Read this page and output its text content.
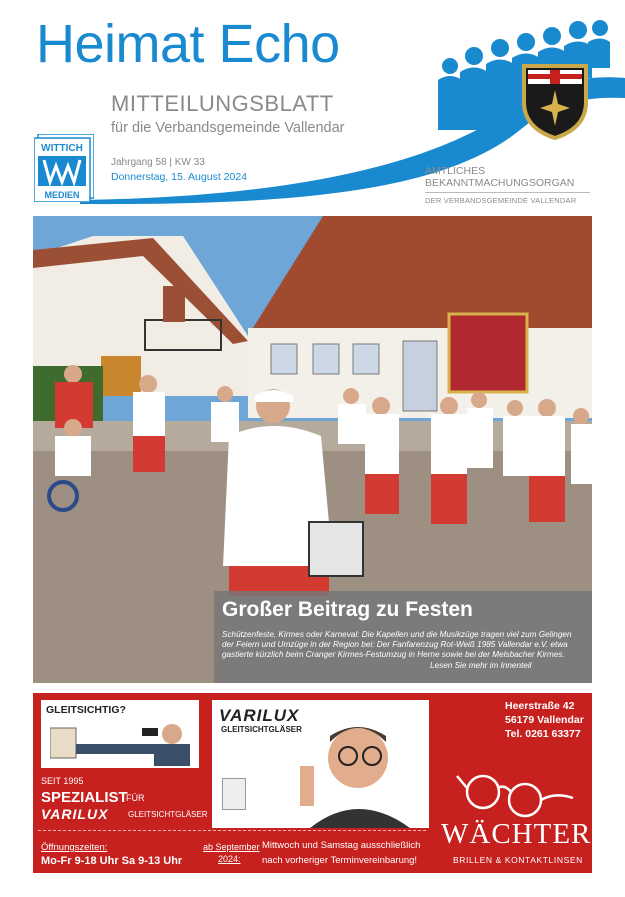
Heimat Echo
MITTEILUNGSBLATT
für die Verbandsgemeinde Vallendar
Jahrgang 58 | KW 33
Donnerstag, 15. August 2024
WITTICH
MEDIEN
AMTLICHES
BEKANNTMACHUNGSORGAN
DER VERBANDSGEMEINDE VALLENDAR
Großer Beitrag zu Festen
Schützenfeste, Kirmes oder Karneval: Die Kapellen und die Musikzüge tragen viel zum Gelingen der Feiern und Umzüge in der Region bei: Der Fanfarenzug Rot-Weiß 1985 Vallendar e.V. etwa gastierte kürzlich beim Cranger Kirmes-Festumzug in Herne sowie bei der Melsbacher Kirmes.
Lesen Sie mehr im Innenteil
GLEITSICHTIG?	VARILUX
GLEITSICHTGLÄSER
SEIT 1995
SPEZIALIST
FÜR
VARILUX GLEITSICHTGLÄSER
Öffnungszeiten:
Mo-Fr 9-18 Uhr Sa 9-13 Uhr
ab September
2024:
Mittwoch und Samstag ausschließlich
nach vorheriger Terminvereinbarung!
Heerstraße 42
56179 Vallendar
Tel. 0261 63377
WÄCHTER
BRILLEN & KONTAKTLINSEN
